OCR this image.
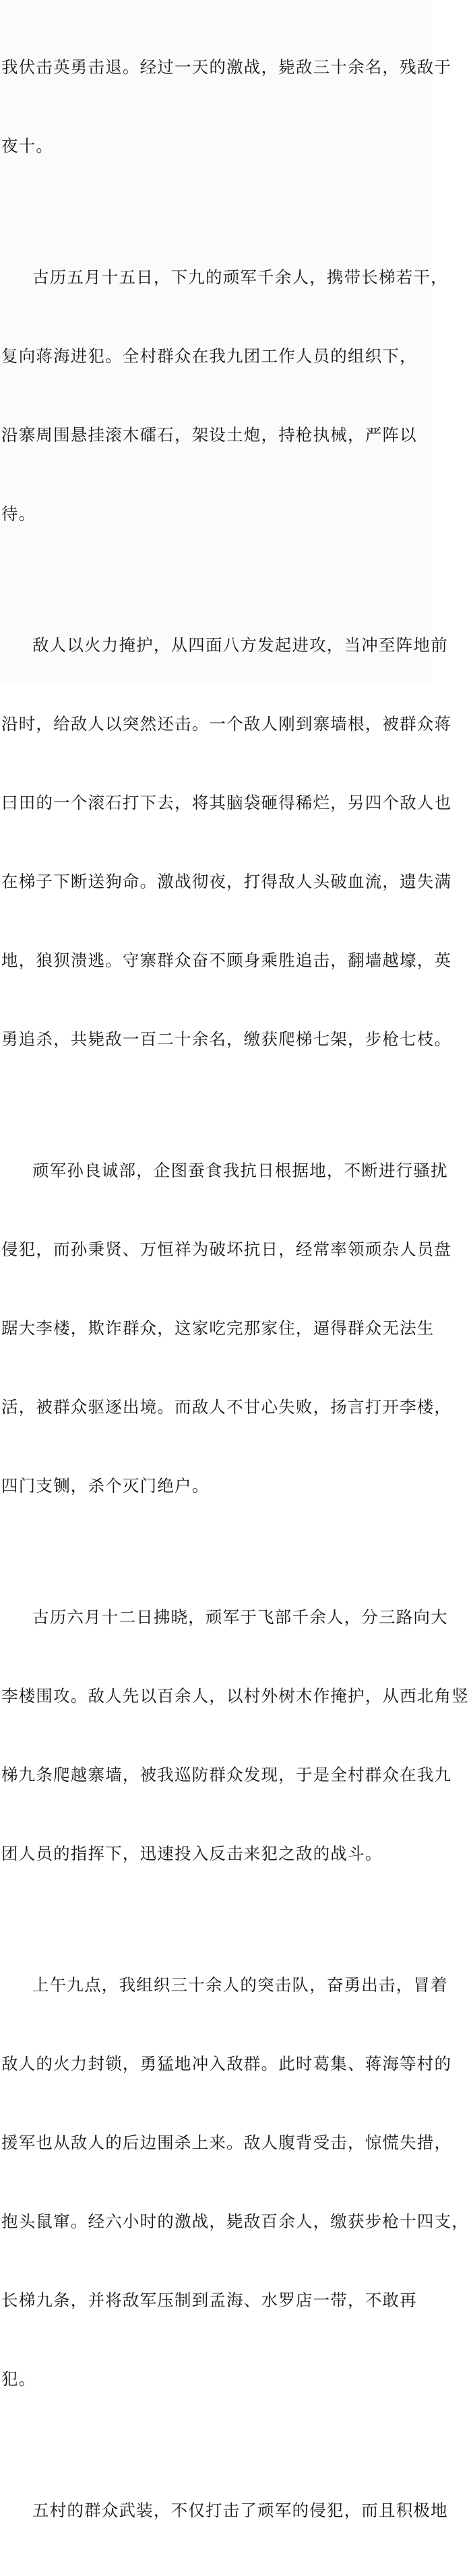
我伏击英勇击退。经过一天的激战，毙敌三十余名，残敌于

夜十。

古历五月十五日，下九的顽军千余人，携带长梯若干，

复向蒋海进犯。全村群众在我九团工作人员的组织下，

沿寨周围悬挂滚木礌石，架设土炮，持枪执械，严阵以

待。

敌人以火力掩护，从四面八方发起进攻，当冲至阵地前

沿时，给敌人以突然还击。一个敌人刚到寨墙根，被群众蒋

曰田的一个滚石打下去，将其脑袋砸得稀烂，另四个敌人也

在梯子下断送狗命。激战彻夜，打得敌人头破血流，遗失满

地，狼狈溃逃。守寨群众奋不顾身乘胜追击，翻墙越壕，英

勇追杀，共毙敌一百二十余名，缴获爬梯七架，步枪七枝。

顽军孙良诚部，企图蚕食我抗日根据地，不断进行骚扰

侵犯，而孙秉贤、万恒祥为破坏抗日，经常率领顽杂人员盘

踞大李楼，欺诈群众，这家吃完那家住，逼得群众无法生

活，被群众驱逐出境。而敌人不甘心失败，扬言打开李楼，

四门支铡，杀个灭门绝户。

古历六月十二日拂晓，顽军于飞部千余人，分三路向大

李楼围攻。敌人先以百余人，以村外树木作掩护，从西北角竖

梯九条爬越寨墙，被我巡防群众发现，于是全村群众在我九

团人员的指挥下，迅速投入反击来犯之敌的战斗。

上午九点，我组织三十余人的突击队，奋勇出击，冒着

敌人的火力封锁，勇猛地冲入敌群。此时葛集、蒋海等村的

援军也从敌人的后边围杀上来。敌人腹背受击，惊慌失措，

抱头鼠窜。经六小时的激战，毙敌百余人，缴获步枪十四支，

长梯九条，并将敌军压制到孟海、水罗店一带，不敢再

犯。

五村的群众武装，不仅打击了顽军的侵犯，而且积极地
